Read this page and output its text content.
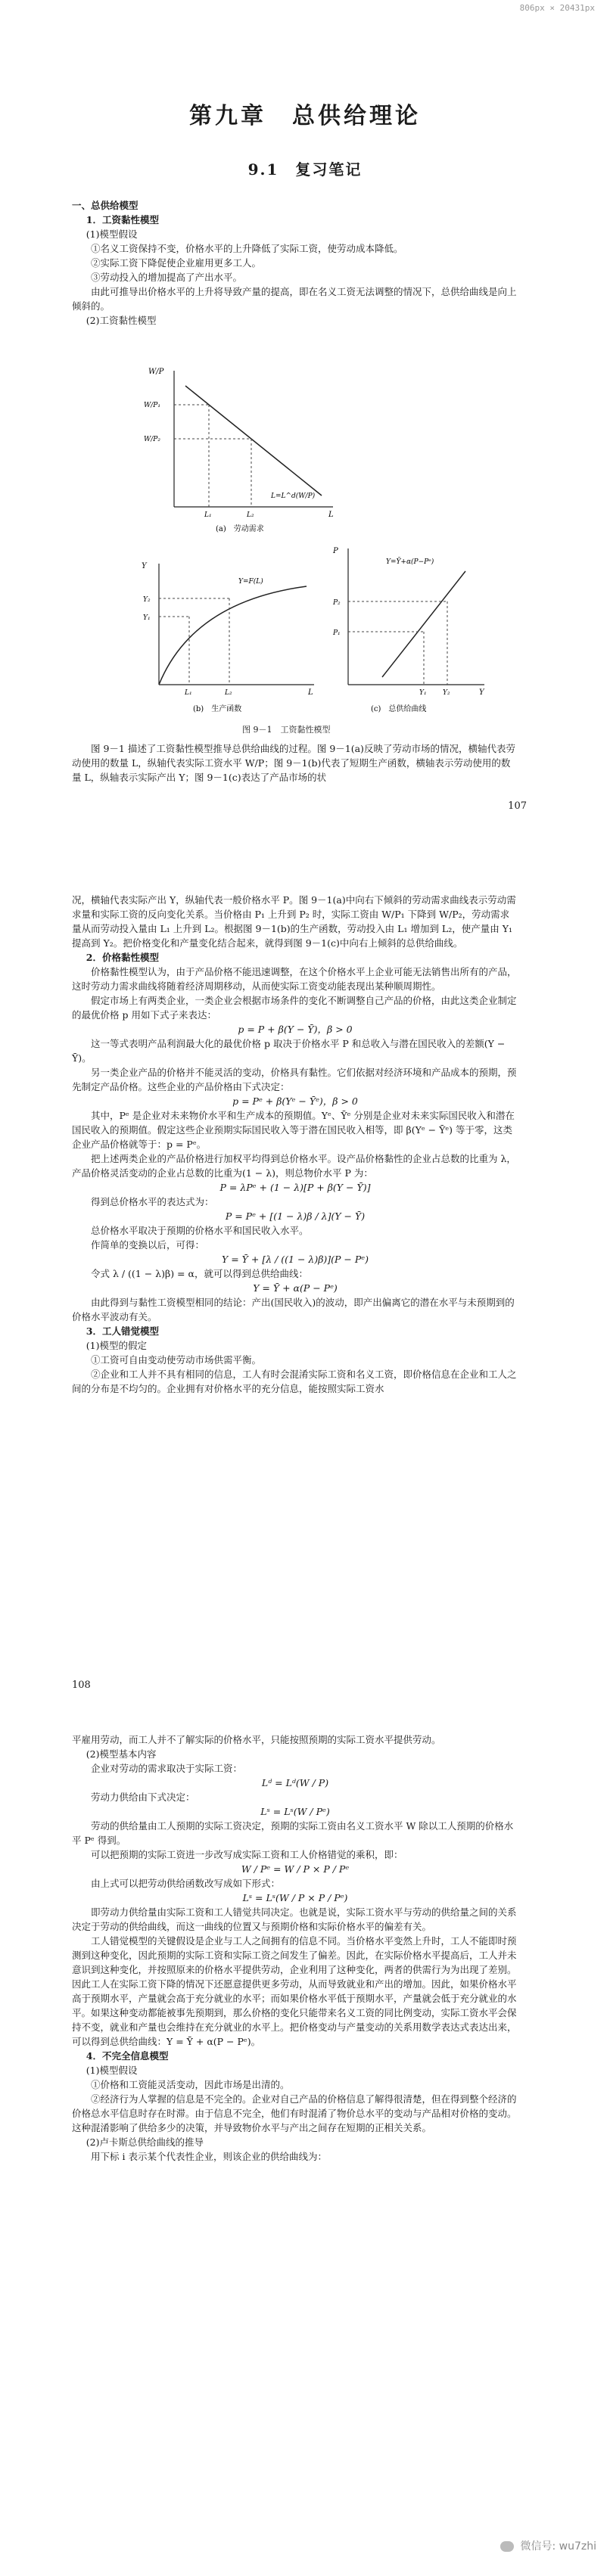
806px × 20431px
第九章　总供给理论
9.1　复习笔记

一、总供给模型

1．工资黏性模型

(1)模型假设

①名义工资保持不变，价格水平的上升降低了实际工资，使劳动成本降低。

②实际工资下降促使企业雇用更多工人。

③劳动投入的增加提高了产出水平。

由此可推导出价格水平的上升将导致产量的提高，即在名义工资无法调整的情况下，总供给曲线是向上倾斜的。

(2)工资黏性模型

W/P
W/P₁
W/P₂
L=L^d(W/P)
L₁	L₂	L
(a)　劳动需求
Y
Y=F(L)
Y₂
Y₁
L₁	L₂	L
(b)　生产函数
P
Y=Ȳ+α(P−Pᵉ)
P₂
P₁
Y₁ Y₂	Y
(c)　总供给曲线
图 9－1　工资黏性模型

图 9－1 描述了工资黏性模型推导总供给曲线的过程。图 9－1(a)反映了劳动市场的情况，横轴代表劳动使用的数量 L，纵轴代表实际工资水平 W/P；图 9－1(b)代表了短期生产函数，横轴表示劳动使用的数量 L，纵轴表示实际产出 Y；图 9－1(c)表达了产品市场的状

107

况，横轴代表实际产出 Y，纵轴代表一般价格水平 P。图 9－1(a)中向右下倾斜的劳动需求曲线表示劳动需求量和实际工资的反向变化关系。当价格由 P₁ 上升到 P₂ 时，实际工资由 W/P₁ 下降到 W/P₂，劳动需求量从而劳动投入量由 L₁ 上升到 L₂。根据图 9－1(b)的生产函数，劳动投入由 L₁ 增加到 L₂，使产量由 Y₁ 提高到 Y₂。把价格变化和产量变化结合起来，就得到图 9－1(c)中向右上倾斜的总供给曲线。

2．价格黏性模型

价格黏性模型认为，由于产品价格不能迅速调整，在这个价格水平上企业可能无法销售出所有的产品，这时劳动力需求曲线将随着经济周期移动，从而使实际工资变动能表现出某种顺周期性。

假定市场上有两类企业，一类企业会根据市场条件的变化不断调整自己产品的价格，由此这类企业制定的最优价格 p 用如下式子来表达：

p = P + β(Y − Ȳ)，β > 0

这一等式表明产品利润最大化的最优价格 p 取决于价格水平 P 和总收入与潜在国民收入的差额(Y − Ȳ)。

另一类企业产品的价格并不能灵活的变动，价格具有黏性。它们依据对经济环境和产品成本的预期，预先制定产品价格。这些企业的产品价格由下式决定：

p = Pᵉ + β(Yᵉ − Ȳᵉ)，β > 0

其中，Pᵉ 是企业对未来物价水平和生产成本的预期值。Yᵉ、Ȳᵉ 分别是企业对未来实际国民收入和潜在国民收入的预期值。假定这些企业预期实际国民收入等于潜在国民收入相等，即 β(Yᵉ − Ȳᵉ) 等于零，这类企业产品价格就等于：p = Pᵉ。

把上述两类企业的产品价格进行加权平均得到总价格水平。设产品价格黏性的企业占总数的比重为 λ，产品价格灵活变动的企业占总数的比重为(1 − λ)，则总物价水平 P 为：

P = λPᵉ + (1 − λ)[P + β(Y − Ȳ)]

得到总价格水平的表达式为：

P = Pᵉ + [(1 − λ)β / λ](Y − Ȳ)

总价格水平取决于预期的价格水平和国民收入水平。

作简单的变换以后，可得：

Y = Ȳ + [λ / ((1 − λ)β)](P − Pᵉ)

令式 λ / ((1 − λ)β) = α，就可以得到总供给曲线：

Y = Ȳ + α(P − Pᵉ)

由此得到与黏性工资模型相同的结论：产出(国民收入)的波动，即产出偏离它的潜在水平与未预期到的价格水平波动有关。

3．工人错觉模型

(1)模型的假定

①工资可自由变动使劳动市场供需平衡。

②企业和工人并不具有相同的信息，工人有时会混淆实际工资和名义工资，即价格信息在企业和工人之间的分布是不均匀的。企业拥有对价格水平的充分信息，能按照实际工资水

108

平雇用劳动，而工人并不了解实际的价格水平，只能按照预期的实际工资水平提供劳动。

(2)模型基本内容

企业对劳动的需求取决于实际工资：

Lᵈ = Lᵈ(W / P)

劳动力供给由下式决定：

Lˢ = Lˢ(W / Pᵉ)

劳动的供给量由工人预期的实际工资决定，预期的实际工资由名义工资水平 W 除以工人预期的价格水平 Pᵉ 得到。

可以把预期的实际工资进一步改写成实际工资和工人价格错觉的乘积，即：

W / Pᵉ = W / P × P / Pᵉ

由上式可以把劳动供给函数改写成如下形式：

Lˢ = Lˢ(W / P × P / Pᵉ)

即劳动力供给量由实际工资和工人错觉共同决定。也就是说，实际工资水平与劳动的供给量之间的关系决定于劳动的供给曲线，而这一曲线的位置又与预期价格和实际价格水平的偏差有关。

工人错觉模型的关键假设是企业与工人之间拥有的信息不同。当价格水平变然上升时，工人不能即时预测到这种变化，因此预期的实际工资和实际工资之间发生了偏差。因此，在实际价格水平提高后，工人并未意识到这种变化，并按照原来的价格水平提供劳动，企业利用了这种变化，两者的供需行为为出现了差别。因此工人在实际工资下降的情况下还愿意提供更多劳动，从而导致就业和产出的增加。因此，如果价格水平高于预期水平，产量就会高于充分就业的水平；而如果价格水平低于预期水平，产量就会低于充分就业的水平。如果这种变动都能被事先预期到，那么价格的变化只能带来名义工资的同比例变动，实际工资水平会保持不变，就业和产量也会维持在充分就业的水平上。把价格变动与产量变动的关系用数学表达式表达出来，可以得到总供给曲线：Y = Ȳ + α(P − Pᵉ)。

4．不完全信息模型

(1)模型假设

①价格和工资能灵活变动，因此市场是出清的。

②经济行为人掌握的信息是不完全的。企业对自己产品的价格信息了解得很清楚，但在得到整个经济的价格总水平信息时存在时滞。由于信息不完全，他们有时混淆了物价总水平的变动与产品相对价格的变动。这种混淆影响了供给多少的决策，并导致物价水平与产出之间存在短期的正相关关系。

(2)卢卡斯总供给曲线的推导

用下标 i 表示某个代表性企业，则该企业的供给曲线为：

微信号: wu7zhi
